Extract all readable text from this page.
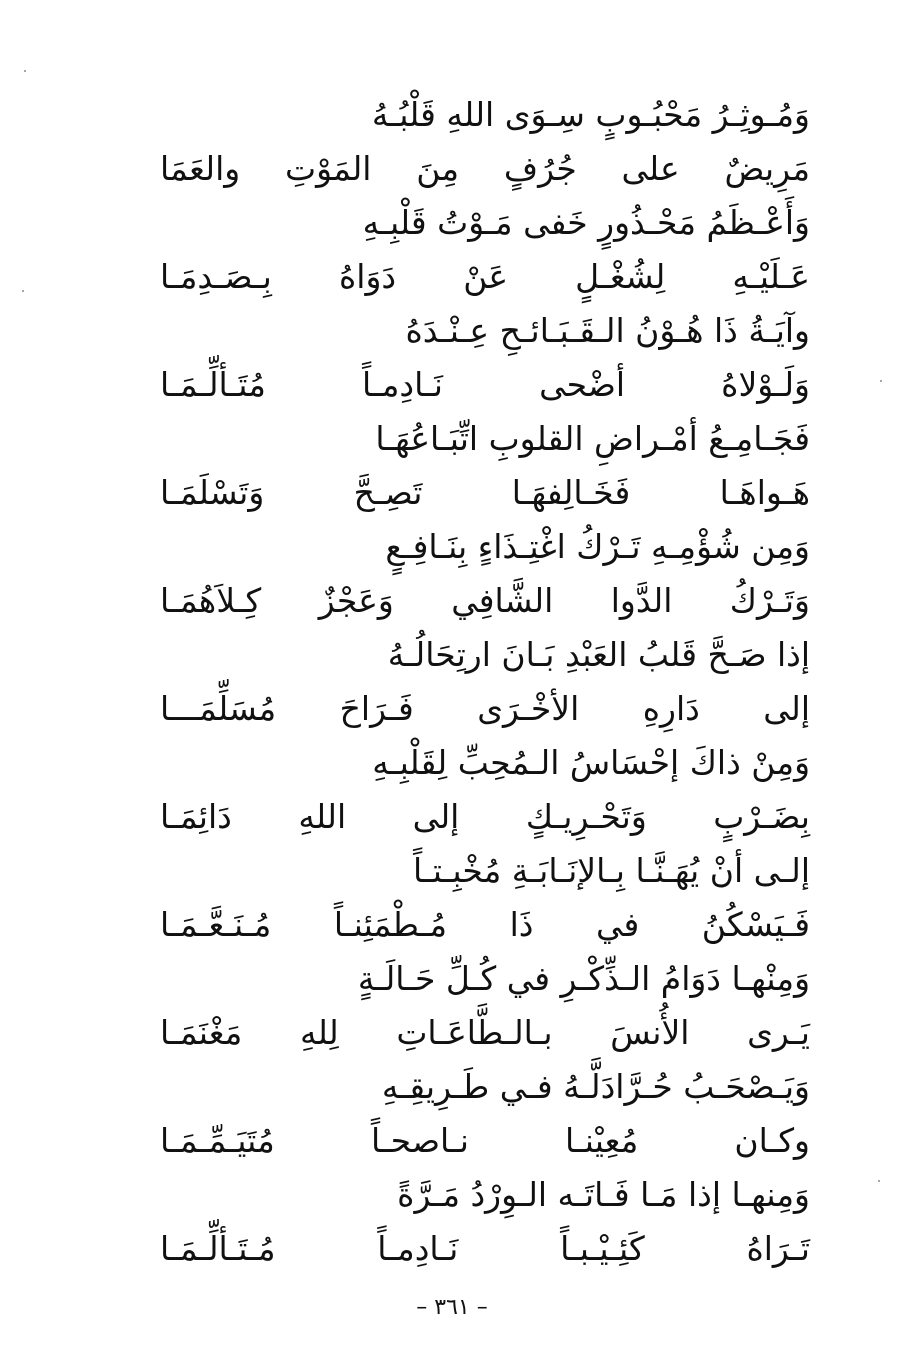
وَمُـوثِـرُ مَحْبُـوبٍ سِـوَى اللهِ قَلْبُـهُ
مَرِيضٌ على جُرُفٍ مِنَ المَوْتِ والعَمَا
وَأَعْـظَمُ مَحْـذُورٍ خَفى مَـوْتُ قَلْبِـهِ
عَـلَيْـهِ لِشُغْـلٍ عَنْ دَوَاهُ بِـصَـدِمَـا
وآيَـةُ ذَا هُـوْنُ الـقَـبَـائـحِ عِـنْـدَهُ
وَلَـوْلاهُ أضْحى نَـادِمـاً مُتَـألِّـمَـا
فَجَـامِـعُ أمْـراضِ القلوبِ اتِّبَـاعُهَـا
هَـواهَـا فَخَـالِفهَـا تَصِـحَّ وَتَسْلَمَـا
وَمِن شُؤْمِـهِ تَـرْكُ اغْتِـذَاءٍ بِنَـافِـعٍ
وَتَـرْكُ الدَّوا الشَّافِي وَعَجْزٌ كِـلاَهُمَـا
إذا صَـحَّ قَلبُ العَبْدِ بَـانَ ارتِحَالُـهُ
إلى دَارِهِ الأخْـرَى فَـرَاحَ مُسَلِّمَـــا
وَمِنْ ذاكَ إحْسَاسُ الـمُحِبِّ لِقَلْبِـهِ
بِضَـرْبٍ وَتَحْـرِيـكٍ إلى اللهِ دَائِمَـا
إلـى أنْ يُهَـنَّـا بِـالإنَـابَـةِ مُخْبِـتـاً
فَـيَسْكُنُ في ذَا مُـطْمَئِنـاً مُـنَـعَّـمَـا
وَمِنْهـا دَوَامُ الـذِّكْـرِ في كُـلِّ حَـالَـةٍ
يَـرى الأُنسَ بـالـطَّاعَـاتِ لِلهِ مَغْنَمَـا
وَيَـصْحَـبُ حُـرَّادَلَّـهُ فـي طَـرِيقِـهِ
وكـان مُعِيْنـا نـاصحـاً مُتَيَـمِّـمَـا
وَمِنهـا إذا مَـا فَـاتَـه الـوِرْدُ مَـرَّةً
تَـرَاهُ كَئِـيْـبـاً نَـادِمـاً مُـتَـألِّـمَـا
– ٣٦١ –
